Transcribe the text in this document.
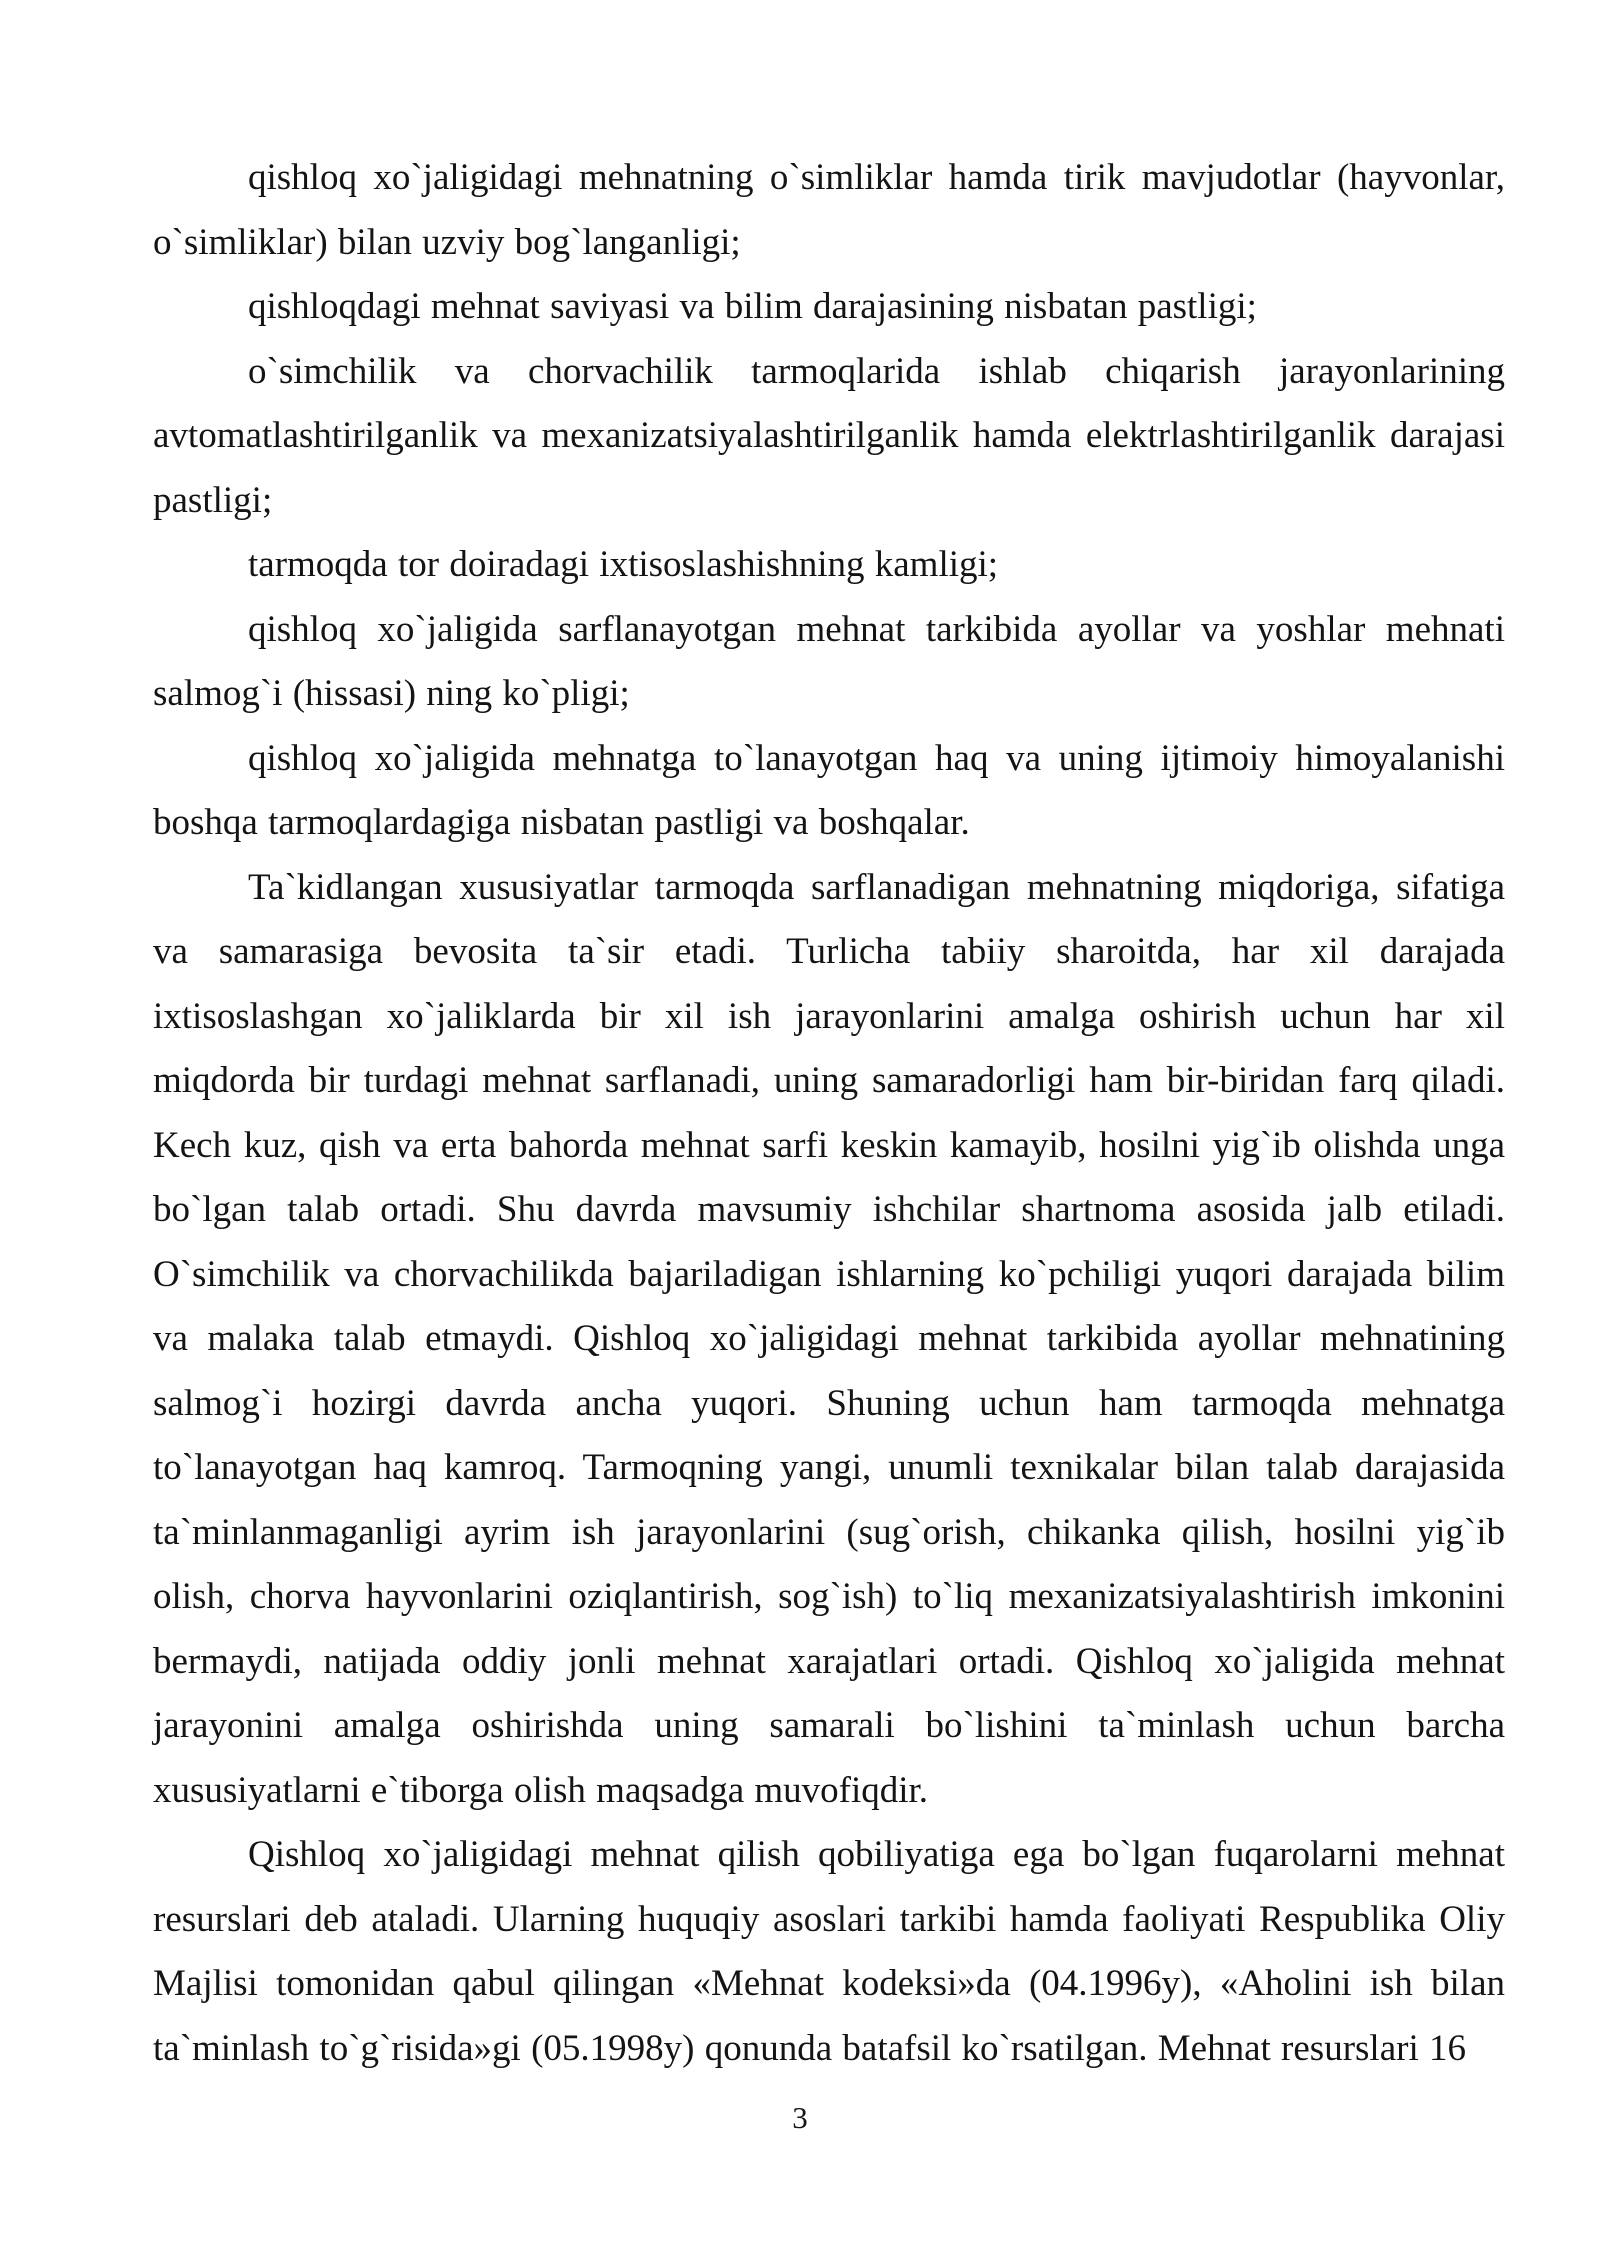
qishloq xo`jaligidagi mehnatning o`simliklar hamda tirik mavjudotlar (hayvonlar, o`simliklar) bilan uzviy bog`langanligi;

qishloqdagi mehnat saviyasi va bilim darajasining nisbatan pastligi;

o`simchilik va chorvachilik tarmoqlarida ishlab chiqarish jarayonlarining avtomatlashtirilganlik va mexanizatsiyalashtirilganlik hamda elektrlashtirilganlik darajasi pastligi;

tarmoqda tor doiradagi ixtisoslashishning kamligi;

qishloq xo`jaligida sarflanayotgan mehnat tarkibida ayollar va yoshlar mehnati salmog`i (hissasi) ning ko`pligi;

qishloq xo`jaligida mehnatga to`lanayotgan haq va uning ijtimoiy himoyalanishi boshqa tarmoqlardagiga nisbatan pastligi va boshqalar.

Ta`kidlangan xususiyatlar tarmoqda sarflanadigan mehnatning miqdoriga, sifatiga va samarasiga bevosita ta`sir etadi. Turlicha tabiiy sharoitda, har xil darajada ixtisoslashgan xo`jaliklarda bir xil ish jarayonlarini amalga oshirish uchun har xil miqdorda bir turdagi mehnat sarflanadi, uning samaradorligi ham bir-biridan farq qiladi. Kech kuz, qish va erta bahorda mehnat sarfi keskin kamayib, hosilni yig`ib olishda unga bo`lgan talab ortadi. Shu davrda mavsumiy ishchilar shartnoma asosida jalb etiladi. O`simchilik va chorvachilikda bajariladigan ishlarning ko`pchiligi yuqori darajada bilim va malaka talab etmaydi. Qishloq xo`jaligidagi mehnat tarkibida ayollar mehnatining salmog`i hozirgi davrda ancha yuqori. Shuning uchun ham tarmoqda mehnatga to`lanayotgan haq kamroq. Tarmoqning yangi, unumli texnikalar bilan talab darajasida ta`minlanmaganligi ayrim ish jarayonlarini (sug`orish, chikanka qilish, hosilni yig`ib olish, chorva hayvonlarini oziqlantirish, sog`ish) to`liq mexanizatsiyalashtirish imkonini bermaydi, natijada oddiy jonli mehnat xarajatlari ortadi. Qishloq xo`jaligida mehnat jarayonini amalga oshirishda uning samarali bo`lishini ta`minlash uchun barcha xususiyatlarni e`tiborga olish maqsadga muvofiqdir.

Qishloq xo`jaligidagi mehnat qilish qobiliyatiga ega bo`lgan fuqarolarni mehnat resurslari deb ataladi. Ularning huquqiy asoslari tarkibi hamda faoliyati Respublika Oliy Majlisi tomonidan qabul qilingan «Mehnat kodeksi»da (04.1996y), «Aholini ish bilan ta`minlash to`g`risida»gi (05.1998y) qonunda batafsil ko`rsatilgan. Mehnat resurslari 16

3
